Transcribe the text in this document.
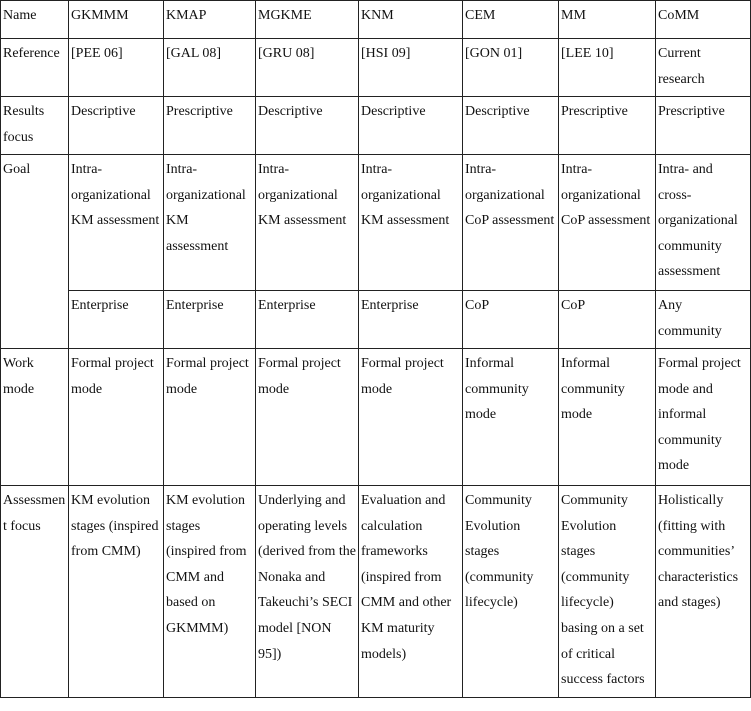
Name	GKMMM	KMAP	MGKME	KNM	CEM	MM	CoMM
Reference	[PEE 06]	[GAL 08]	[GRU 08]	[HSI 09]	[GON 01]	[LEE 10]	Current research
Results focus	Descriptive	Prescriptive	Descriptive	Descriptive	Descriptive	Prescriptive	Prescriptive
Goal	Intra-organizational KM assessment	Intra-organizational KM assessment	Intra-organizational KM assessment	Intra-organizational KM assessment	Intra-organizational CoP assessment	Intra-organizational CoP assessment	Intra- and cross-organizational community assessment
	Enterprise	Enterprise	Enterprise	Enterprise	CoP	CoP	Any community
Work mode	Formal project mode	Formal project mode	Formal project mode	Formal project mode	Informal community mode	Informal community mode	Formal project mode and informal community mode
Assessment focus	KM evolution stages (inspired from CMM)	KM evolution stages (inspired from CMM and based on GKMMM)	Underlying and operating levels (derived from the Nonaka and Takeuchi’s SECI model [NON 95])	Evaluation and calculation frameworks (inspired from CMM and other KM maturity models)	Community Evolution stages (community lifecycle)	Community Evolution stages (community lifecycle) basing on a set of critical success factors	Holistically (fitting with communities’ characteristics and stages)
